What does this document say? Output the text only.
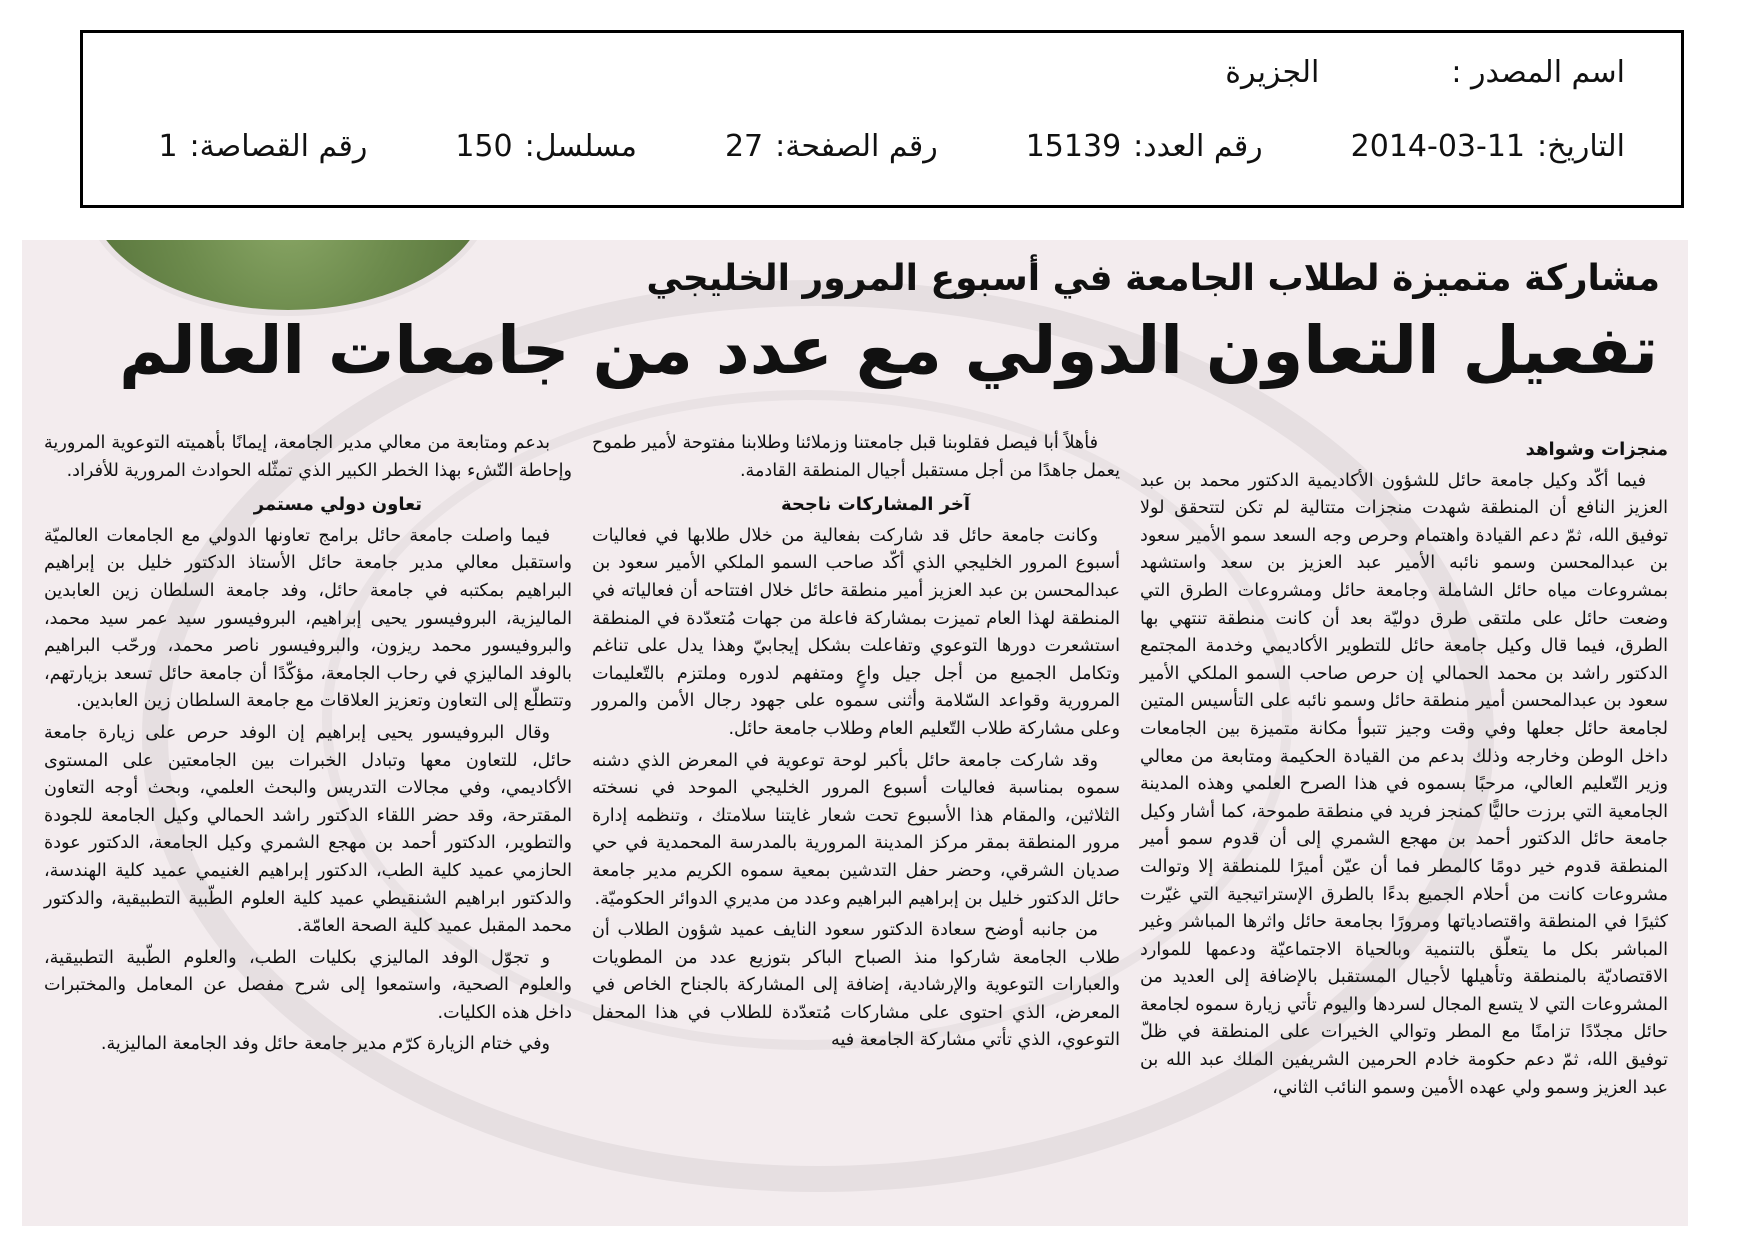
اسم المصدر :
الجزيرة
التاريخ:
2014-03-11
رقم العدد:
15139
رقم الصفحة:
27
مسلسل:
150
رقم القصاصة:
1
مشاركة متميزة لطلاب الجامعة في أسبوع المرور الخليجي
تفعيل التعاون الدولي مع عدد من جامعات العالم
منجزات وشواهد

فيما أكّد وكيل جامعة حائل للشؤون الأكاديمية الدكتور محمد بن عبد العزيز النافع أن المنطقة شهدت منجزات متتالية لم تكن لتتحقق لولا توفيق الله، ثمّ دعم القيادة واهتمام وحرص وجه السعد سمو الأمير سعود بن عبدالمحسن وسمو نائبه الأمير عبد العزيز بن سعد واستشهد بمشروعات مياه حائل الشاملة وجامعة حائل ومشروعات الطرق التي وضعت حائل على ملتقى طرق دوليّة بعد أن كانت منطقة تنتهي بها الطرق، فيما قال وكيل جامعة حائل للتطوير الأكاديمي وخدمة المجتمع الدكتور راشد بن محمد الحمالي إن حرص صاحب السمو الملكي الأمير سعود بن عبدالمحسن أمير منطقة حائل وسمو نائبه على التأسيس المتين لجامعة حائل جعلها وفي وقت وجيز تتبوأ مكانة متميزة بين الجامعات داخل الوطن وخارجه وذلك بدعم من القيادة الحكيمة ومتابعة من معالي وزير التّعليم العالي، مرحبًا بسموه في هذا الصرح العلمي وهذه المدينة الجامعية التي برزت حاليًّا كمنجز فريد في منطقة طموحة، كما أشار وكيل جامعة حائل الدكتور أحمد بن مهجع الشمري إلى أن قدوم سمو أمير المنطقة قدوم خير دومًا كالمطر فما أن عيّن أميرًا للمنطقة إلا وتوالت مشروعات كانت من أحلام الجميع بدءًا بالطرق الإستراتيجية التي غيّرت كثيرًا في المنطقة واقتصادياتها ومرورًا بجامعة حائل واثرها المباشر وغير المباشر بكل ما يتعلّق بالتنمية وبالحياة الاجتماعيّة ودعمها للموارد الاقتصاديّة بالمنطقة وتأهيلها لأجيال المستقبل بالإضافة إلى العديد من المشروعات التي لا يتسع المجال لسردها واليوم تأتي زيارة سموه لجامعة حائل مجدّدًا تزامنًا مع المطر وتوالي الخيرات على المنطقة في ظلّ توفيق الله، ثمّ دعم حكومة خادم الحرمين الشريفين الملك عبد الله بن عبد العزيز وسمو ولي عهده الأمين وسمو النائب الثاني،

فأهلاً أبا فيصل فقلوبنا قبل جامعتنا وزملائنا وطلابنا مفتوحة لأمير طموح يعمل جاهدًا من أجل مستقبل أجيال المنطقة القادمة.

آخر المشاركات ناجحة

وكانت جامعة حائل قد شاركت بفعالية من خلال طلابها في فعاليات أسبوع المرور الخليجي الذي أكّد صاحب السمو الملكي الأمير سعود بن عبدالمحسن بن عبد العزيز أمير منطقة حائل خلال افتتاحه أن فعالياته في المنطقة لهذا العام تميزت بمشاركة فاعلة من جهات مُتعدّدة في المنطقة استشعرت دورها التوعوي وتفاعلت بشكل إيجابيّ وهذا يدل على تناغم وتكامل الجميع من أجل جيل واعٍ ومتفهم لدوره وملتزم بالتّعليمات المرورية وقواعد السّلامة وأثنى سموه على جهود رجال الأمن والمرور وعلى مشاركة طلاب التّعليم العام وطلاب جامعة حائل.

وقد شاركت جامعة حائل بأكبر لوحة توعوية في المعرض الذي دشنه سموه بمناسبة فعاليات أسبوع المرور الخليجي الموحد في نسخته الثلاثين، والمقام هذا الأسبوع تحت شعار غايتنا سلامتك ، وتنظمه إدارة مرور المنطقة بمقر مركز المدينة المرورية بالمدرسة المحمدية في حي صديان الشرقي، وحضر حفل التدشين بمعية سموه الكريم مدير جامعة حائل الدكتور خليل بن إبراهيم البراهيم وعدد من مديري الدوائر الحكوميّة.

من جانبه أوضح سعادة الدكتور سعود النايف عميد شؤون الطلاب أن طلاب الجامعة شاركوا منذ الصباح الباكر بتوزيع عدد من المطويات والعبارات التوعوية والإرشادية، إضافة إلى المشاركة بالجناح الخاص في المعرض، الذي احتوى على مشاركات مُتعدّدة للطلاب في هذا المحفل التوعوي، الذي تأتي مشاركة الجامعة فيه

بدعم ومتابعة من معالي مدير الجامعة، إيمانًا بأهميته التوعوية المرورية وإحاطة النّشء بهذا الخطر الكبير الذي تمثّله الحوادث المرورية للأفراد.

تعاون دولي مستمر

فيما واصلت جامعة حائل برامج تعاونها الدولي مع الجامعات العالميّة واستقبل معالي مدير جامعة حائل الأستاذ الدكتور خليل بن إبراهيم البراهيم بمكتبه في جامعة حائل، وفد جامعة السلطان زين العابدين الماليزية، البروفيسور يحيى إبراهيم، البروفيسور سيد عمر سيد محمد، والبروفيسور محمد ريزون، والبروفيسور ناصر محمد، ورحّب البراهيم بالوفد الماليزي في رحاب الجامعة، مؤكّدًا أن جامعة حائل تسعد بزيارتهم، وتتطلّع إلى التعاون وتعزيز العلاقات مع جامعة السلطان زين العابدين.

وقال البروفيسور يحيى إبراهيم إن الوفد حرص على زيارة جامعة حائل، للتعاون معها وتبادل الخبرات بين الجامعتين على المستوى الأكاديمي، وفي مجالات التدريس والبحث العلمي، وبحث أوجه التعاون المقترحة، وقد حضر اللقاء الدكتور راشد الحمالي وكيل الجامعة للجودة والتطوير، الدكتور أحمد بن مهجع الشمري وكيل الجامعة، الدكتور عودة الحازمي عميد كلية الطب، الدكتور إبراهيم الغنيمي عميد كلية الهندسة، والدكتور ابراهيم الشنقيطي عميد كلية العلوم الطّبية التطبيقية، والدكتور محمد المقبل عميد كلية الصحة العامّة.

و تجوّل الوفد الماليزي بكليات الطب، والعلوم الطّبية التطبيقية، والعلوم الصحية، واستمعوا إلى شرح مفصل عن المعامل والمختبرات داخل هذه الكليات.

وفي ختام الزيارة كرّم مدير جامعة حائل وفد الجامعة الماليزية.
